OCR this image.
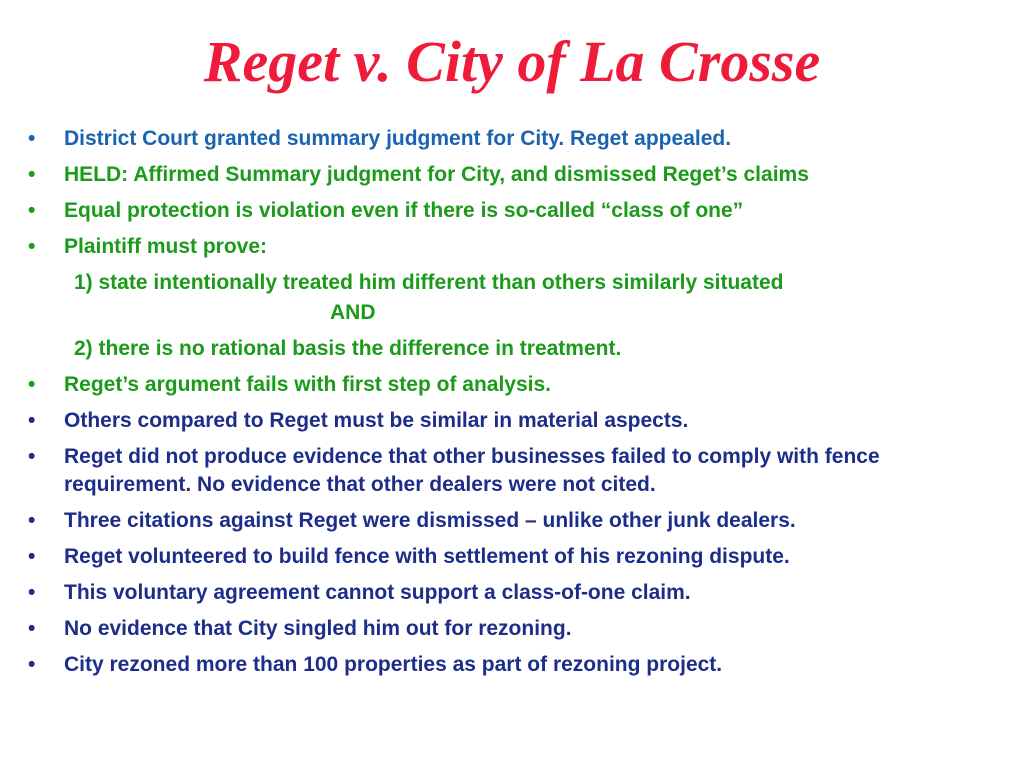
Reget v. City of La Crosse
• District Court granted summary judgment for City. Reget appealed.
• HELD: Affirmed Summary judgment for City, and dismissed Reget’s claims
• Equal protection is violation even if there is so-called “class of one”
• Plaintiff must prove:
1) state intentionally treated him different than others similarly situated
AND
2) there is no rational basis the difference in treatment.
• Reget’s argument fails with first step of analysis.
• Others compared to Reget must be similar in material aspects.
• Reget did not produce evidence that other businesses failed to comply with fence requirement. No evidence that other dealers were not cited.
• Three citations against Reget were dismissed – unlike other junk dealers.
• Reget volunteered to build fence with settlement of his rezoning dispute.
• This voluntary agreement cannot support a class-of-one claim.
• No evidence that City singled him out for rezoning.
• City rezoned more than 100 properties as part of rezoning project.
